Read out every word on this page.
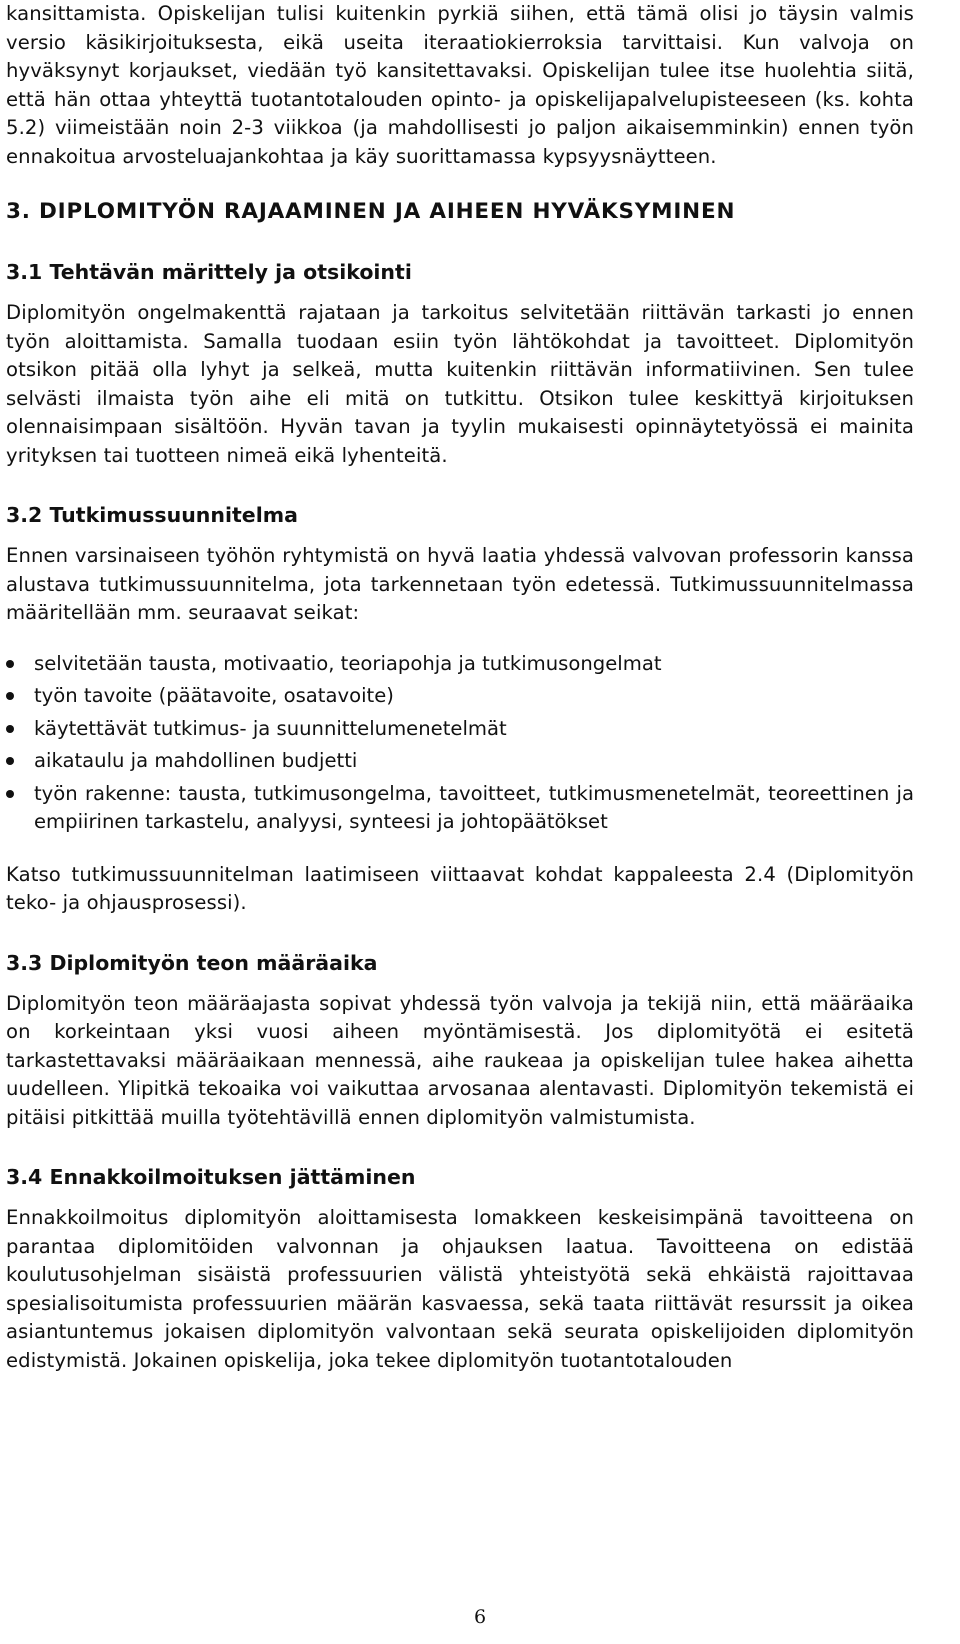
kansittamista. Opiskelijan tulisi kuitenkin pyrkiä siihen, että tämä olisi jo täysin valmis versio käsikirjoituksesta, eikä useita iteraatiokierroksia tarvittaisi. Kun valvoja on hyväksynyt korjaukset, viedään työ kansitettavaksi. Opiskelijan tulee itse huolehtia siitä, että hän ottaa yhteyttä tuotantotalouden opinto- ja opiskelijapalvelupisteeseen (ks. kohta 5.2) viimeistään noin 2-3 viikkoa (ja mahdollisesti jo paljon aikaisemminkin) ennen työn ennakoitua arvosteluajankohtaa ja käy suorittamassa kypsyysnäytteen.

3. DIPLOMITYÖN RAJAAMINEN JA AIHEEN HYVÄKSYMINEN
3.1 Tehtävän märittely ja otsikointi

Diplomityön ongelmakenttä rajataan ja tarkoitus selvitetään riittävän tarkasti jo ennen työn aloittamista. Samalla tuodaan esiin työn lähtökohdat ja tavoitteet. Diplomityön otsikon pitää olla lyhyt ja selkeä, mutta kuitenkin riittävän informatiivinen. Sen tulee selvästi ilmaista työn aihe eli mitä on tutkittu. Otsikon tulee keskittyä kirjoituksen olennaisimpaan sisältöön. Hyvän tavan ja tyylin mukaisesti opinnäytetyössä ei mainita yrityksen tai tuotteen nimeä eikä lyhenteitä.

3.2 Tutkimussuunnitelma

Ennen varsinaiseen työhön ryhtymistä on hyvä laatia yhdessä valvovan professorin kanssa alustava tutkimussuunnitelma, jota tarkennetaan työn edetessä. Tutkimussuunnitelmassa määritellään mm. seuraavat seikat:

selvitetään tausta, motivaatio, teoriapohja ja tutkimusongelmat
työn tavoite (päätavoite, osatavoite)
käytettävät tutkimus- ja suunnittelumenetelmät
aikataulu ja mahdollinen budjetti
työn rakenne: tausta, tutkimusongelma, tavoitteet, tutkimusmenetelmät, teoreettinen ja empiirinen tarkastelu, analyysi, synteesi ja johtopäätökset

Katso tutkimussuunnitelman laatimiseen viittaavat kohdat kappaleesta 2.4 (Diplomityön teko- ja ohjausprosessi).

3.3 Diplomityön teon määräaika

Diplomityön teon määräajasta sopivat yhdessä työn valvoja ja tekijä niin, että määräaika on korkeintaan yksi vuosi aiheen myöntämisestä. Jos diplomityötä ei esitetä tarkastettavaksi määräaikaan mennessä, aihe raukeaa ja opiskelijan tulee hakea aihetta uudelleen. Ylipitkä tekoaika voi vaikuttaa arvosanaa alentavasti. Diplomityön tekemistä ei pitäisi pitkittää muilla työtehtävillä ennen diplomityön valmistumista.

3.4 Ennakkoilmoituksen jättäminen

Ennakkoilmoitus diplomityön aloittamisesta lomakkeen keskeisimpänä tavoitteena on parantaa diplomitöiden valvonnan ja ohjauksen laatua. Tavoitteena on edistää koulutusohjelman sisäistä professuurien välistä yhteistyötä sekä ehkäistä rajoittavaa spesialisoitumista professuurien määrän kasvaessa, sekä taata riittävät resurssit ja oikea asiantuntemus jokaisen diplomityön valvontaan sekä seurata opiskelijoiden diplomityön edistymistä. Jokainen opiskelija, joka tekee diplomityön tuotantotalouden

6
